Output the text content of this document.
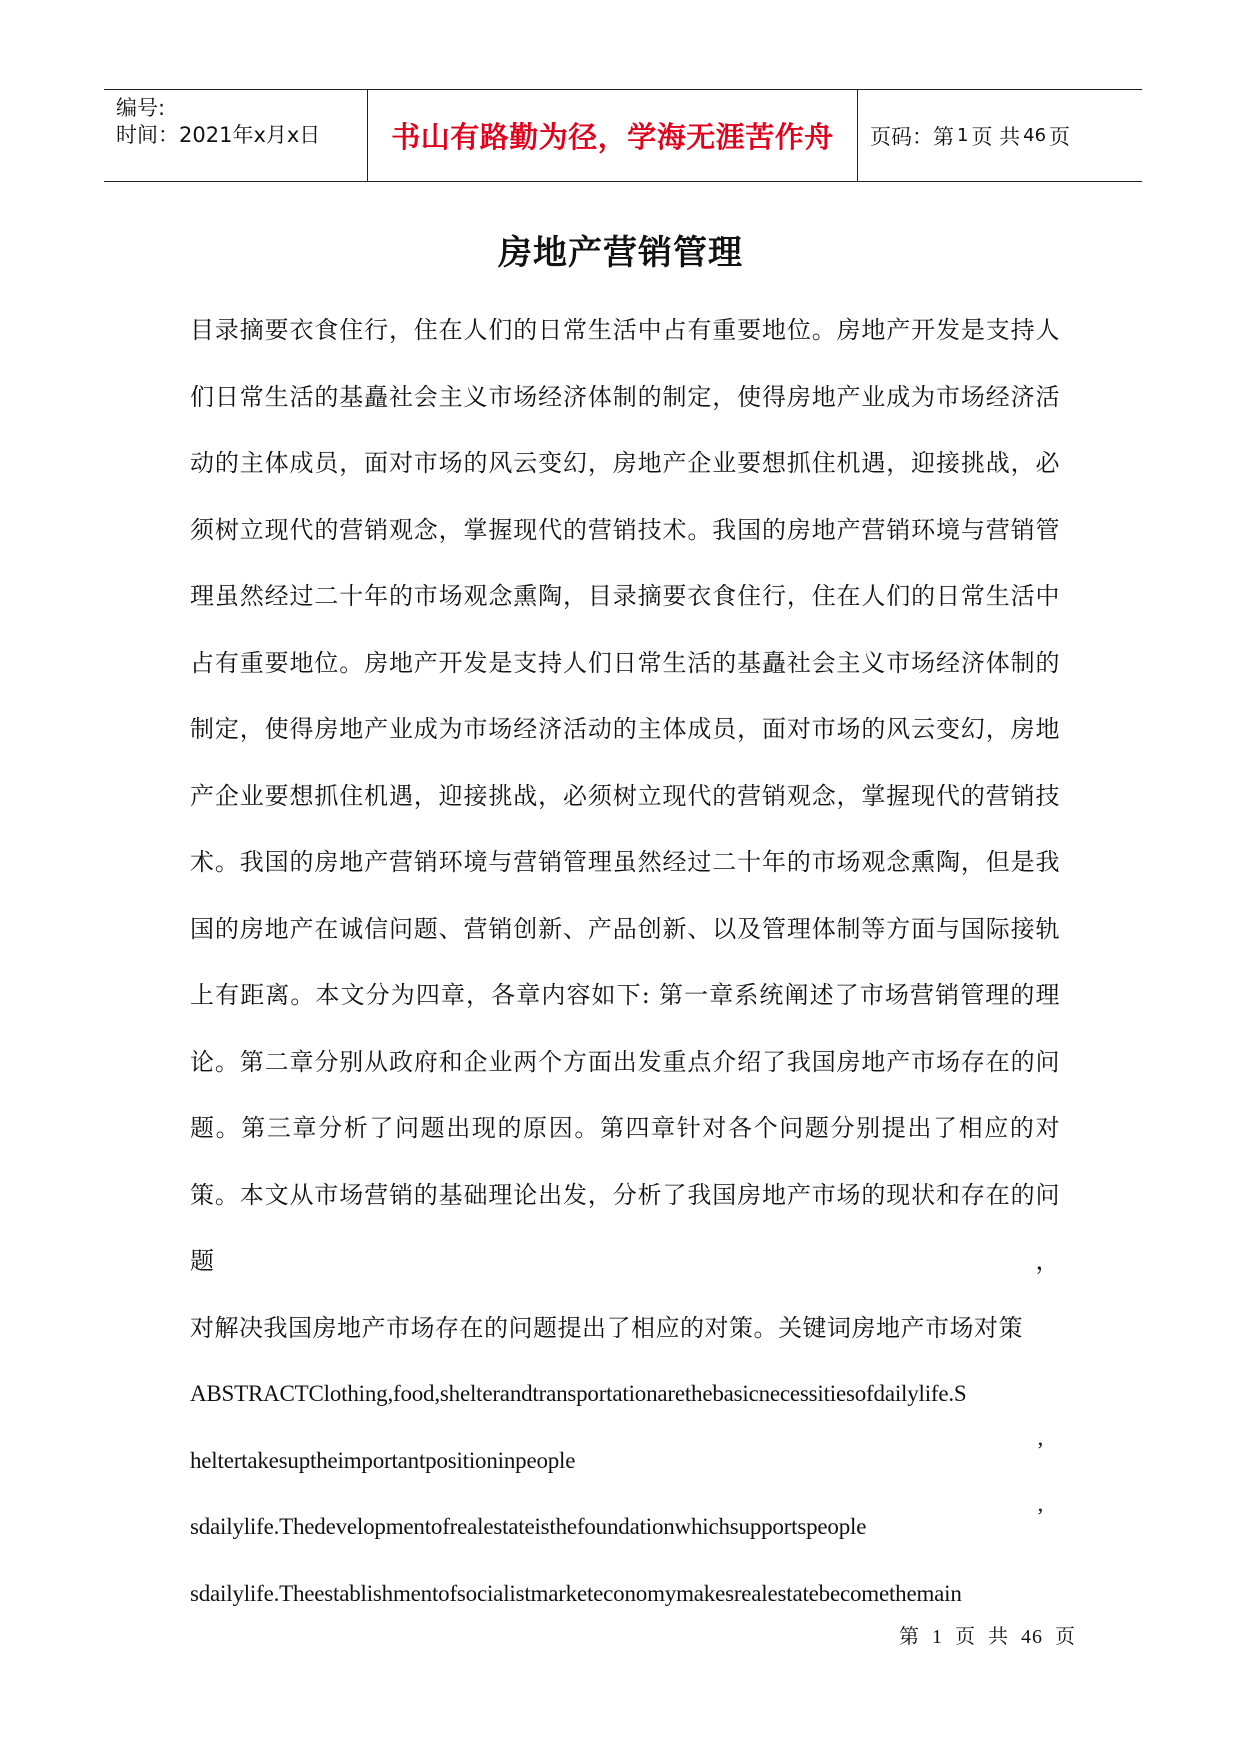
编号:
时间：2021年x月x日 书山有路勤为径，学海无涯苦作舟 页码：第 1 页 共 46 页
房地产营销管理

目录摘要衣食住行，住在人们的日常生活中占有重要地位。房地产开发是支持人们日常生活的基矗社会主义市场经济体制的制定，使得房地产业成为市场经济活动的主体成员，面对市场的风云变幻，房地产企业要想抓住机遇，迎接挑战，必须树立现代的营销观念，掌握现代的营销技术。我国的房地产营销环境与营销管理虽然经过二十年的市场观念熏陶，目录摘要衣食住行，住在人们的日常生活中占有重要地位。房地产开发是支持人们日常生活的基矗社会主义市场经济体制的制定，使得房地产业成为市场经济活动的主体成员，面对市场的风云变幻，房地产企业要想抓住机遇，迎接挑战，必须树立现代的营销观念，掌握现代的营销技术。我国的房地产营销环境与营销管理虽然经过二十年的市场观念熏陶，但是我国的房地产在诚信问题、营销创新、产品创新、以及管理体制等方面与国际接轨上有距离。本文分为四章，各章内容如下: 第一章系统阐述了市场营销管理的理论。第二章分别从政府和企业两个方面出发重点介绍了我国房地产市场存在的问题。第三章分析了问题出现的原因。第四章针对各个问题分别提出了相应的对策。本文从市场营销的基础理论出发，分析了我国房地产市场的现状和存在的问题，

对解决我国房地产市场存在的问题提出了相应的对策。关键词房地产市场对策

ABSTRACTClothing,food,shelterandtransportationarethebasicnecessitiesofdailylife.S

heltertakesuptheimportantpositioninpeople	’

sdailylife.Thedevelopmentofrealestateisthefoundationwhichsupportspeople	’

sdailylife.Theestablishmentofsocialistmarketeconomymakesrealestatebecomethemain

第 1 页 共 46 页
